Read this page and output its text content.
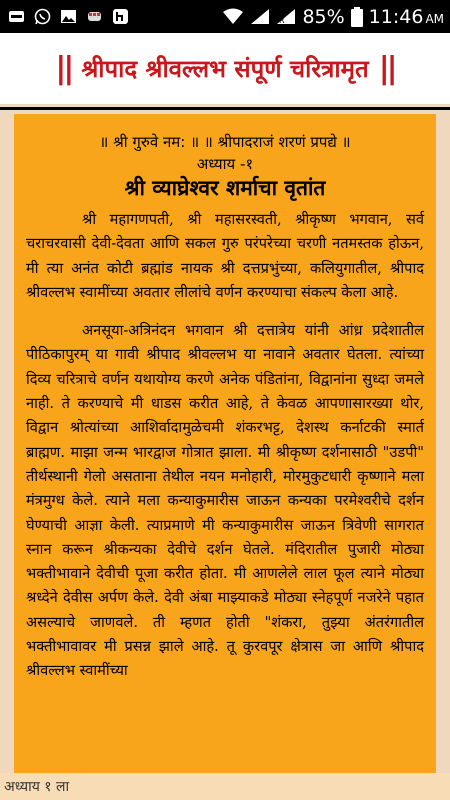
R 85% 11:46 AM
|| श्रीपाद श्रीवल्लभ संपूर्ण चरित्रामृत ||
॥ श्री गुरुवे नम: ॥ ॥ श्रीपादराजं शरणं प्रपद्ये ॥
अध्याय -१
श्री व्याघ्रेश्वर शर्माचा वृतांत

श्री महागणपती, श्री महासरस्वती, श्रीकृष्ण भगवान, सर्व चराचरवासी देवी-देवता आणि सकल गुरु परंपरेच्या चरणी नतमस्तक होऊन, मी त्या अनंत कोटी ब्रह्मांड नायक श्री दत्तप्रभुंच्या, कलियुगातील, श्रीपाद श्रीवल्लभ स्वामींच्या अवतार लीलांचे वर्णन करण्याचा संकल्प केला आहे.

अनसूया-अत्रिनंदन भगवान श्री दत्तात्रेय यांनी आंध्र प्रदेशातील पीठिकापुरम् या गावी श्रीपाद श्रीवल्लभ या नावाने अवतार घेतला. त्यांच्या दिव्य चरित्राचे वर्णन यथायोग्य करणे अनेक पंडितांना, विद्वानांना सुध्दा जमले नाही. ते करण्याचे मी धाडस करीत आहे, ते केवळ आपणासारख्या थोर, विद्वान श्रोत्यांच्या आशिर्वादामुळेचमी शंकरभट्ट, देशस्थ कर्नाटकी स्मार्त ब्राह्मण. माझा जन्म भारद्वाज गोत्रात झाला. मी श्रीकृष्ण दर्शनासाठी "उडपी" तीर्थस्थानी गेलो असताना तेथील नयन मनोहारी, मोरमुकुटधारी कृष्णाने मला मंत्रमुग्ध केले. त्याने मला कन्याकुमारीस जाऊन कन्यका परमेश्वरीचे दर्शन घेण्याची आज्ञा केली. त्याप्रमाणे मी कन्याकुमारीस जाऊन त्रिवेणी सागरात स्नान करून श्रीकन्यका देवीचे दर्शन घेतले. मंदिरातील पुजारी मोठ्या भक्तीभावाने देवीची पूजा करीत होता. मी आणलेले लाल फूल त्याने मोठ्या श्रध्देने देवीस अर्पण केले. देवी अंबा माझ्याकडे मोठ्या स्नेहपूर्ण नजरेने पहात असल्याचे जाणवले. ती म्हणत होती "शंकरा, तुझ्या अंतरंगातील भक्तीभावावर मी प्रसन्न झाले आहे. तू कुरवपूर क्षेत्रास जा आणि श्रीपाद श्रीवल्लभ स्वामींच्या

अध्याय १ ला
